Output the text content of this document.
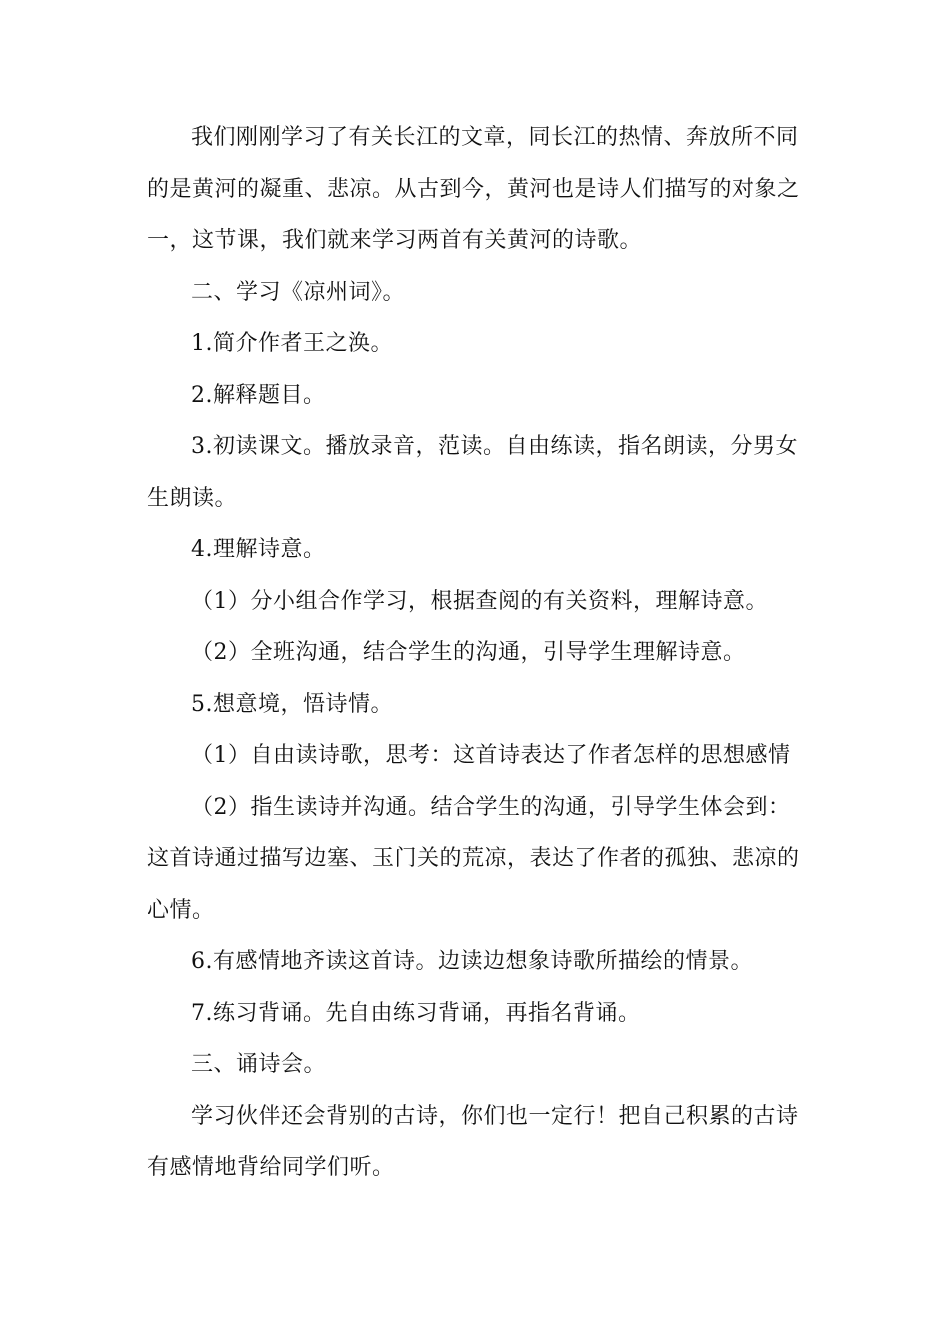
我们刚刚学习了有关长江的文章，同长江的热情、奔放所不同的是黄河的凝重、悲凉。从古到今，黄河也是诗人们描写的对象之一，这节课，我们就来学习两首有关黄河的诗歌。

二、学习《凉州词》。

1.简介作者王之涣。

2.解释题目。

3.初读课文。播放录音，范读。自由练读，指名朗读，分男女生朗读。

4.理解诗意。

（1）分小组合作学习，根据查阅的有关资料，理解诗意。

（2）全班沟通，结合学生的沟通，引导学生理解诗意。

5.想意境，悟诗情。

（1）自由读诗歌，思考：这首诗表达了作者怎样的思想感情

（2）指生读诗并沟通。结合学生的沟通，引导学生体会到：这首诗通过描写边塞、玉门关的荒凉，表达了作者的孤独、悲凉的心情。

6.有感情地齐读这首诗。边读边想象诗歌所描绘的情景。

7.练习背诵。先自由练习背诵，再指名背诵。

三、诵诗会。

学习伙伴还会背别的古诗，你们也一定行！把自己积累的古诗有感情地背给同学们听。
